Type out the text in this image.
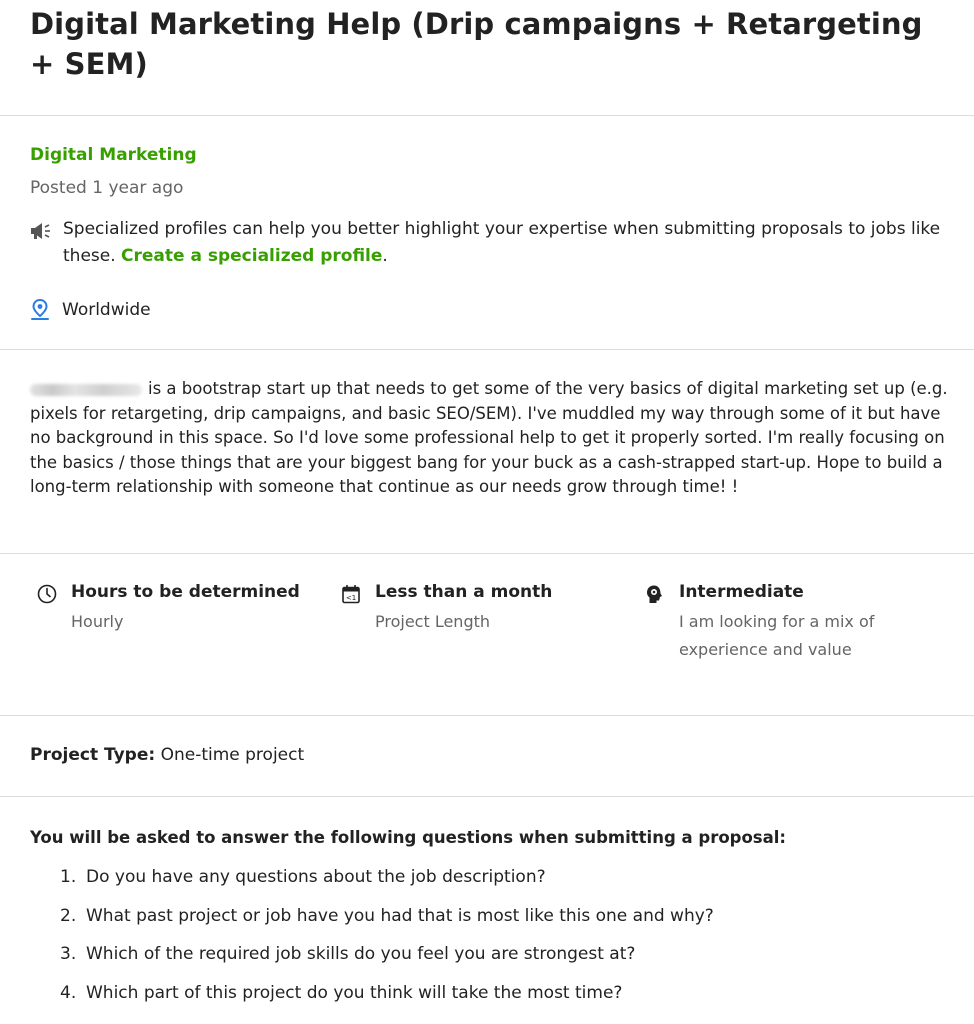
Digital Marketing Help (Drip campaigns + Retargeting + SEM)
Digital Marketing
Posted 1 year ago
Specialized profiles can help you better highlight your expertise when submitting proposals to jobs like these. Create a specialized profile.
Worldwide
is a bootstrap start up that needs to get some of the very basics of digital marketing set up (e.g. pixels for retargeting, drip campaigns, and basic SEO/SEM). I've muddled my way through some of it but have no background in this space. So I'd love some professional help to get it properly sorted. I'm really focusing on the basics / those things that are your biggest bang for your buck as a cash-strapped start-up. Hope to build a long-term relationship with someone that continue as our needs grow through time! !
Hours to be determined
Hourly
<1 Less than a month
Project Length
Intermediate
I am looking for a mix of experience and value
Project Type: One-time project
You will be asked to answer the following questions when submitting a proposal:
1. Do you have any questions about the job description?
2. What past project or job have you had that is most like this one and why?
3. Which of the required job skills do you feel you are strongest at?
4. Which part of this project do you think will take the most time?
